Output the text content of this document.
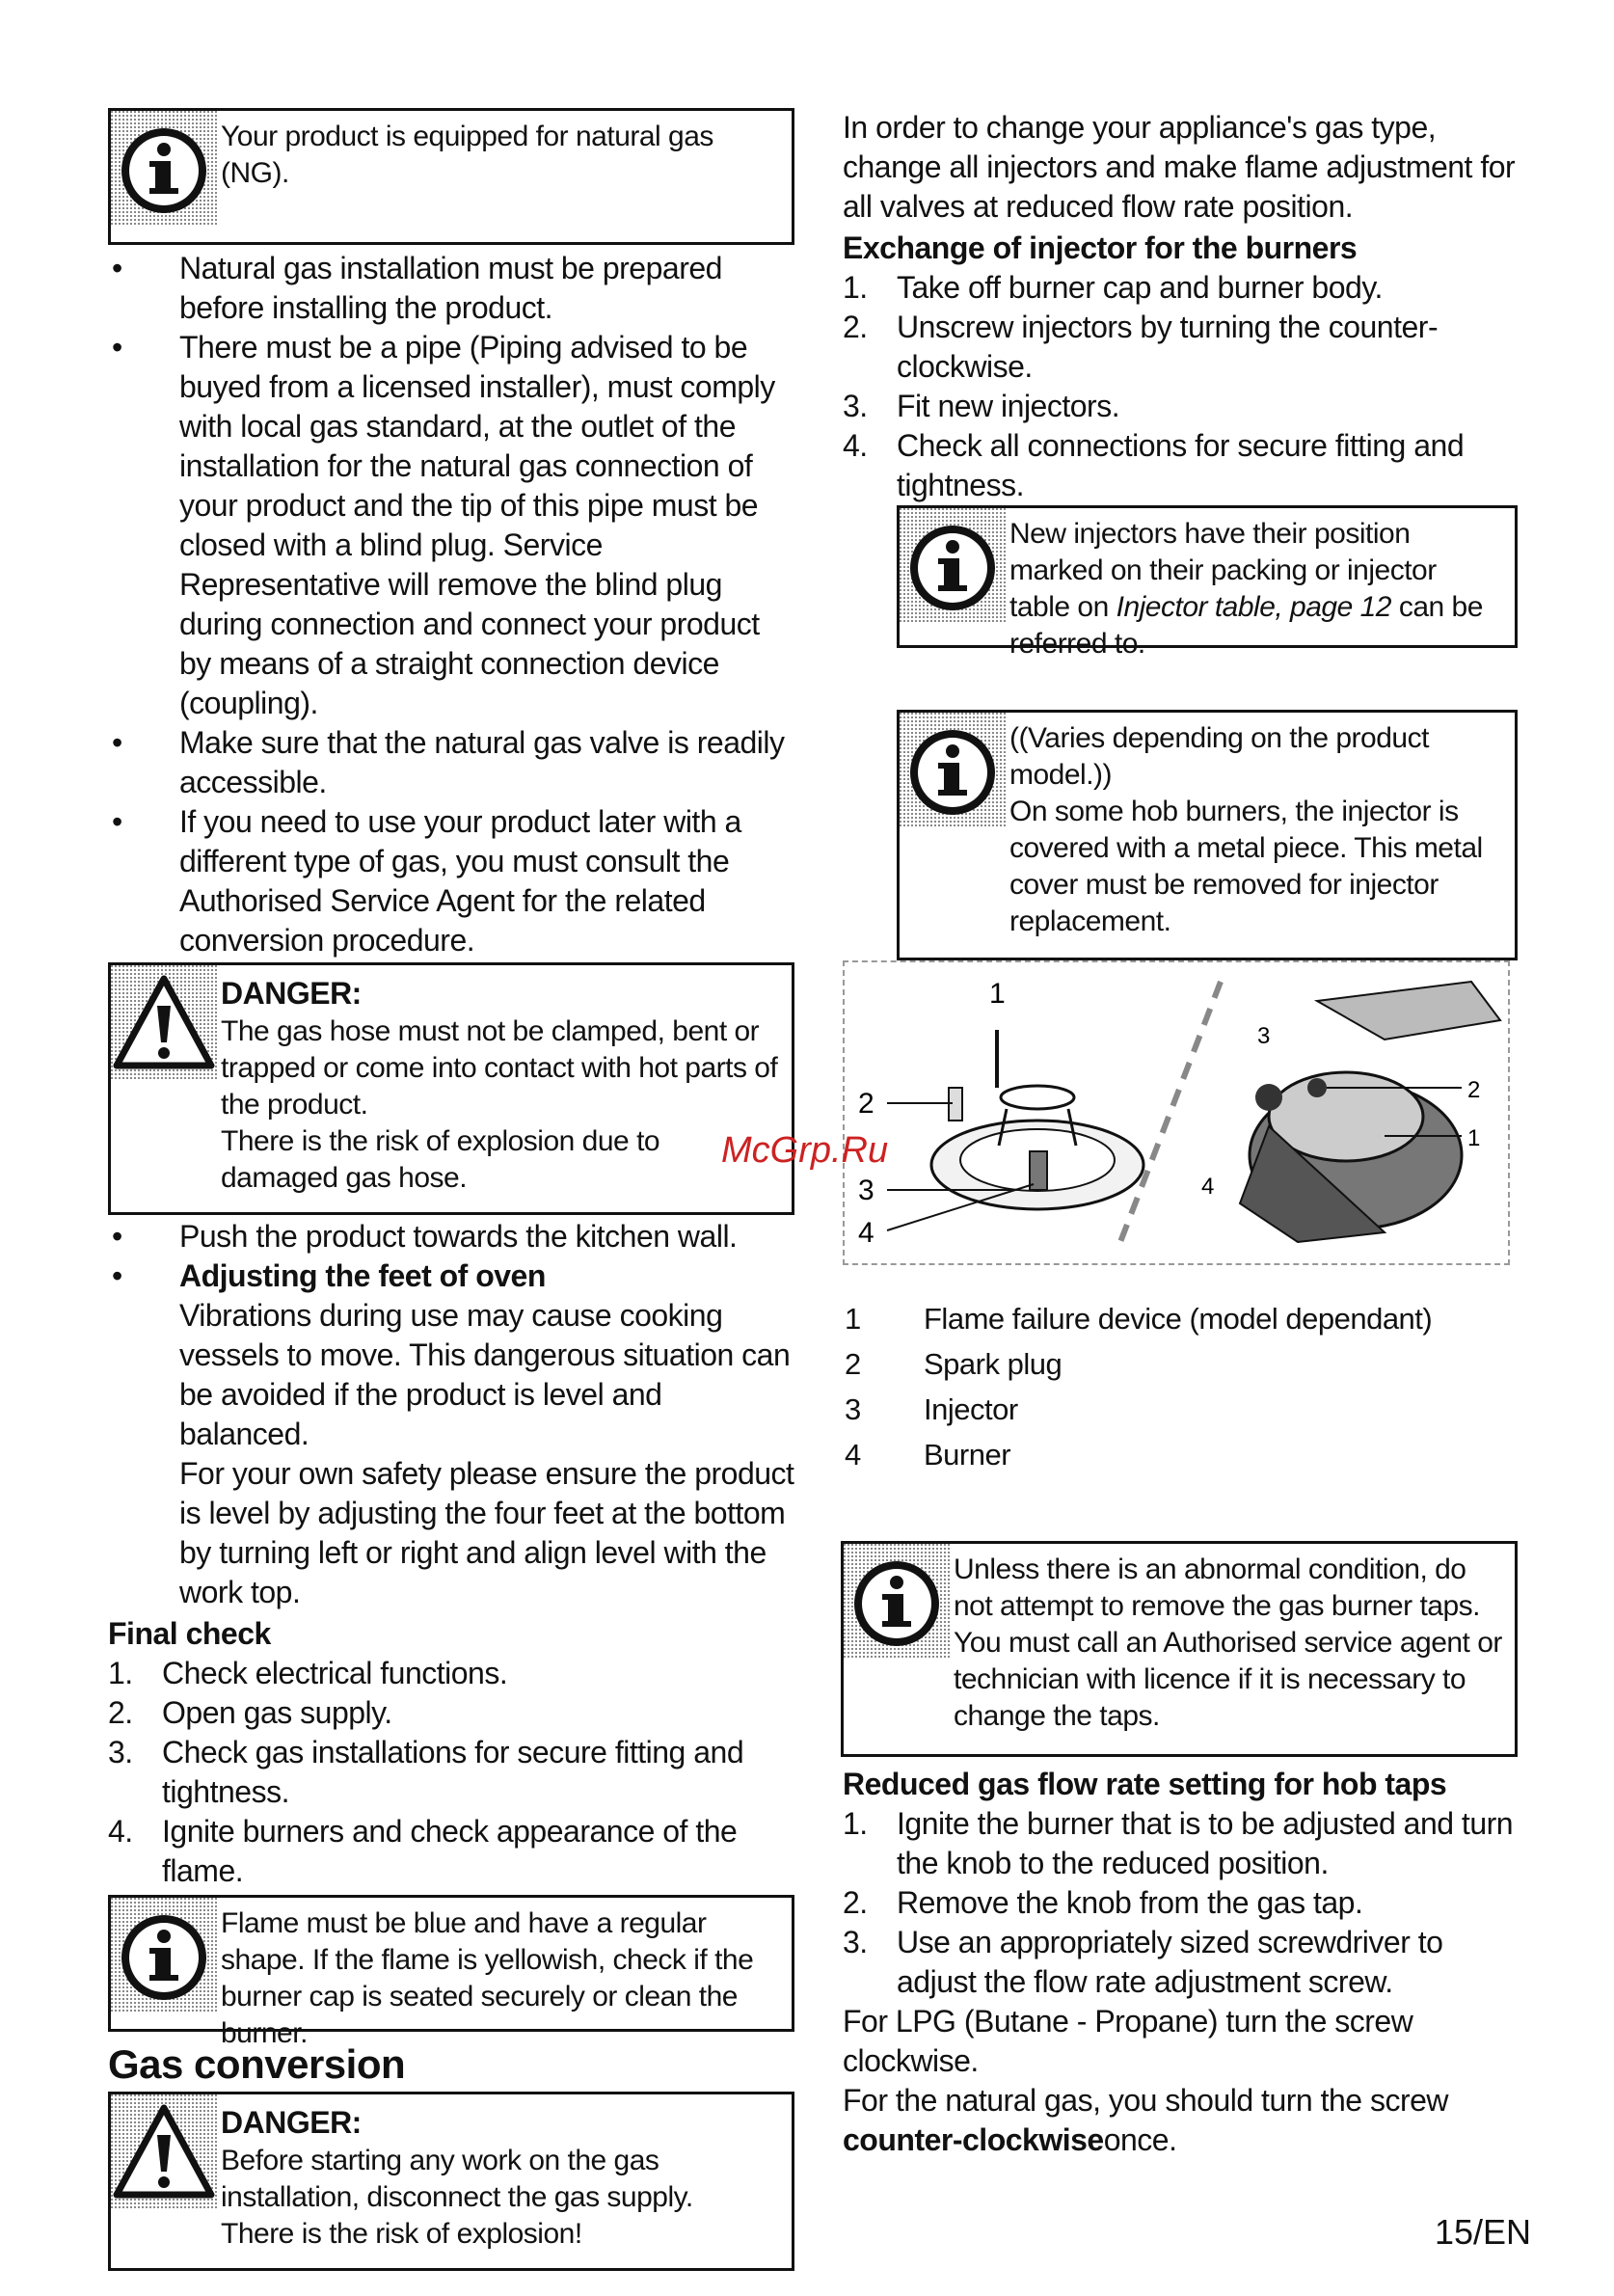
Your product is equipped for natural gas (NG).
• Natural gas installation must be prepared before installing the product.
• There must be a pipe (Piping advised to be buyed from a licensed installer), must comply with local gas standard, at the outlet of the installation for the natural gas connection of your product and the tip of this pipe must be closed with a blind plug. Service Representative will remove the blind plug during connection and connect your product by means of a straight connection device (coupling).
• Make sure that the natural gas valve is readily accessible.
• If you need to use your product later with a different type of gas, you must consult the Authorised Service Agent for the related conversion procedure.
DANGER:
The gas hose must not be clamped, bent or trapped or come into contact with hot parts of the product.
There is the risk of explosion due to damaged gas hose.
• Push the product towards the kitchen wall.
• Adjusting the feet of oven
Vibrations during use may cause cooking vessels to move. This dangerous situation can be avoided if the product is level and balanced.
For your own safety please ensure the product is level by adjusting the four feet at the bottom by turning left or right and align level with the work top.
Final check
1. Check electrical functions.
2. Open gas supply.
3. Check gas installations for secure fitting and tightness.
4. Ignite burners and check appearance of the flame.
Flame must be blue and have a regular shape. If the flame is yellowish, check if the burner cap is seated securely or clean the burner.
Gas conversion
DANGER:
Before starting any work on the gas installation, disconnect the gas supply.
There is the risk of explosion!
In order to change your appliance's gas type, change all injectors and make flame adjustment for all valves at reduced flow rate position.
Exchange of injector for the burners
1. Take off burner cap and burner body.
2. Unscrew injectors by turning the counter-clockwise.
3. Fit new injectors.
4. Check all connections for secure fitting and tightness.
New injectors have their position marked on their packing or injector table on Injector table, page 12 can be referred to.
((Varies depending on the product model.))
On some hob burners, the injector is covered with a metal piece. This metal cover must be removed for injector replacement.
1
2
3
4
3
2
1
4
1 Flame failure device (model dependant)
2 Spark plug
3 Injector
4 Burner
Unless there is an abnormal condition, do not attempt to remove the gas burner taps. You must call an Authorised service agent or technician with licence if it is necessary to change the taps.
Reduced gas flow rate setting for hob taps
1. Ignite the burner that is to be adjusted and turn the knob to the reduced position.
2. Remove the knob from the gas tap.
3. Use an appropriately sized screwdriver to adjust the flow rate adjustment screw.
For LPG (Butane - Propane) turn the screw clockwise.
For the natural gas, you should turn the screw counter-clockwiseonce.
McGrp.Ru
15/EN
